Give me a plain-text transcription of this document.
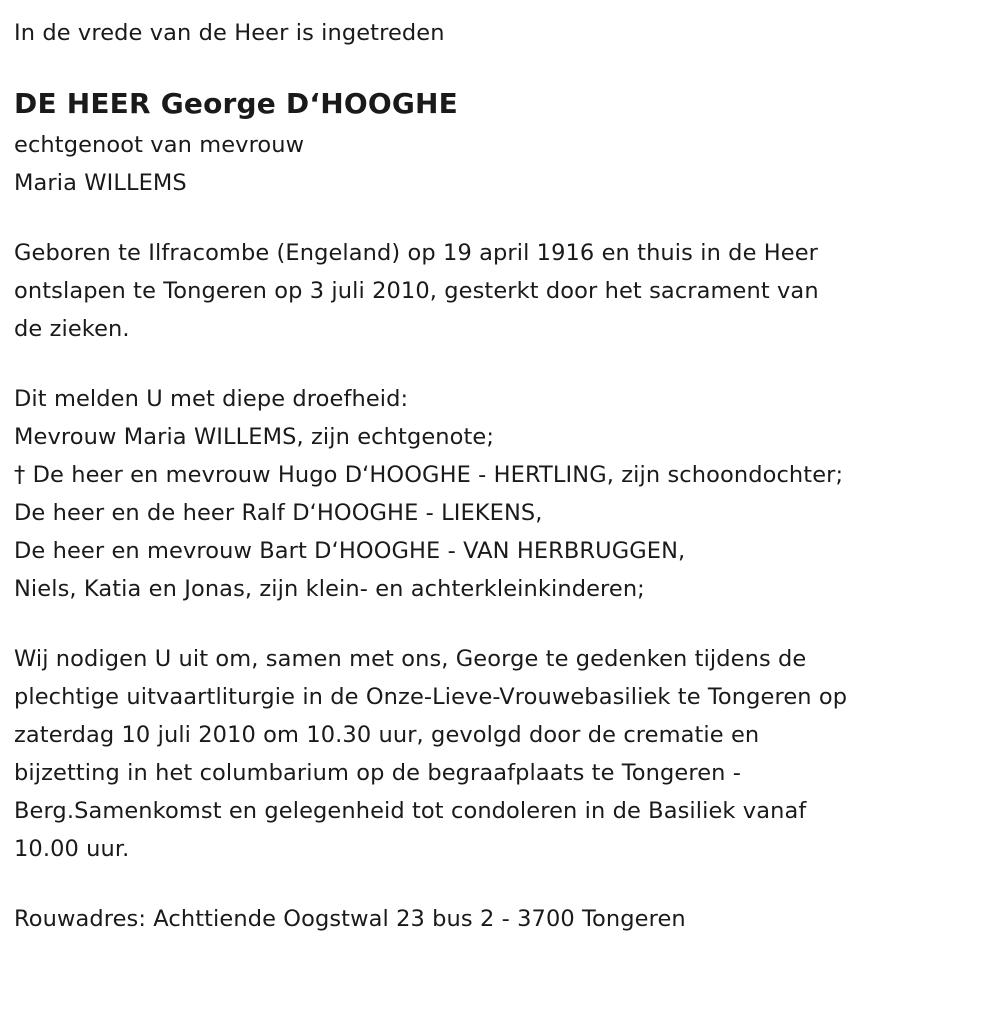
In de vrede van de Heer is ingetreden
DE HEER George D‘HOOGHE
echtgenoot van mevrouw
Maria WILLEMS
Geboren te Ilfracombe (Engeland) op 19 april 1916 en thuis in de Heer
ontslapen te Tongeren op 3 juli 2010, gesterkt door het sacrament van
de zieken.
Dit melden U met diepe droefheid:
Mevrouw Maria WILLEMS, zijn echtgenote;
† De heer en mevrouw Hugo D‘HOOGHE - HERTLING, zijn schoondochter;
De heer en de heer Ralf D‘HOOGHE - LIEKENS,
De heer en mevrouw Bart D‘HOOGHE - VAN HERBRUGGEN,
Niels, Katia en Jonas, zijn klein- en achterkleinkinderen;
Wij nodigen U uit om, samen met ons, George te gedenken tijdens de
plechtige uitvaartliturgie in de Onze-Lieve-Vrouwebasiliek te Tongeren op
zaterdag 10 juli 2010 om 10.30 uur, gevolgd door de crematie en
bijzetting in het columbarium op de begraafplaats te Tongeren -
Berg.Samenkomst en gelegenheid tot condoleren in de Basiliek vanaf
10.00 uur.
Rouwadres: Achttiende Oogstwal 23 bus 2 - 3700 Tongeren
